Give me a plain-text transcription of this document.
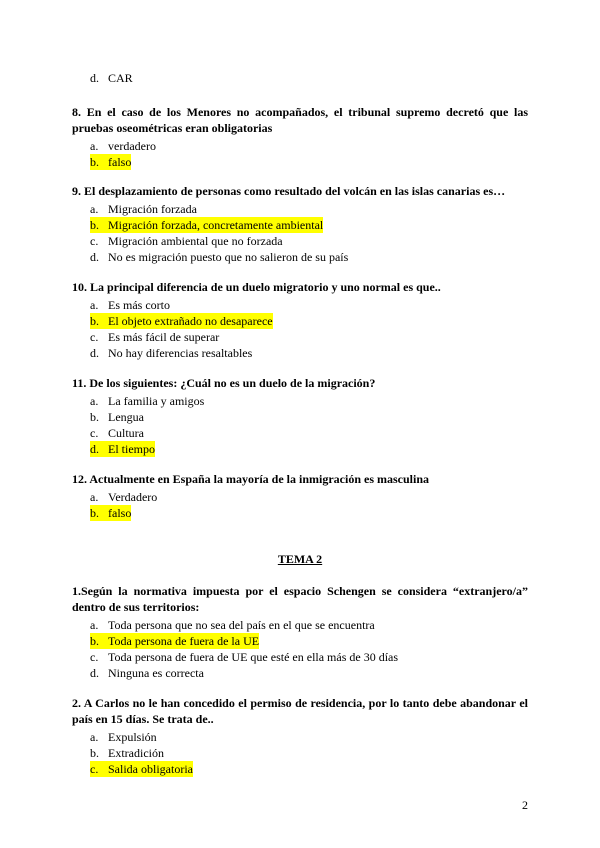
d. CAR
8. En el caso de los Menores no acompañados, el tribunal supremo decretó que las pruebas oseométricas eran obligatorias
a. verdadero
b. falso
9. El desplazamiento de personas como resultado del volcán en las islas canarias es…
a. Migración forzada
b. Migración forzada, concretamente ambiental
c. Migración ambiental que no forzada
d. No es migración puesto que no salieron de su país
10. La principal diferencia de un duelo migratorio y uno normal es que..
a. Es más corto
b. El objeto extrañado no desaparece
c. Es más fácil de superar
d. No hay diferencias resaltables
11. De los siguientes: ¿Cuál no es un duelo de la migración?
a. La familia y amigos
b. Lengua
c. Cultura
d. El tiempo
12. Actualmente en España la mayoría de la inmigración es masculina
a. Verdadero
b. falso
TEMA 2
1.Según la normativa impuesta por el espacio Schengen se considera “extranjero/a” dentro de sus territorios:
a. Toda persona que no sea del país en el que se encuentra
b. Toda persona de fuera de la UE
c. Toda persona de fuera de UE que esté en ella más de 30 días
d. Ninguna es correcta
2. A Carlos no le han concedido el permiso de residencia, por lo tanto debe abandonar el país en 15 días. Se trata de..
a. Expulsión
b. Extradición
c. Salida obligatoria
2
